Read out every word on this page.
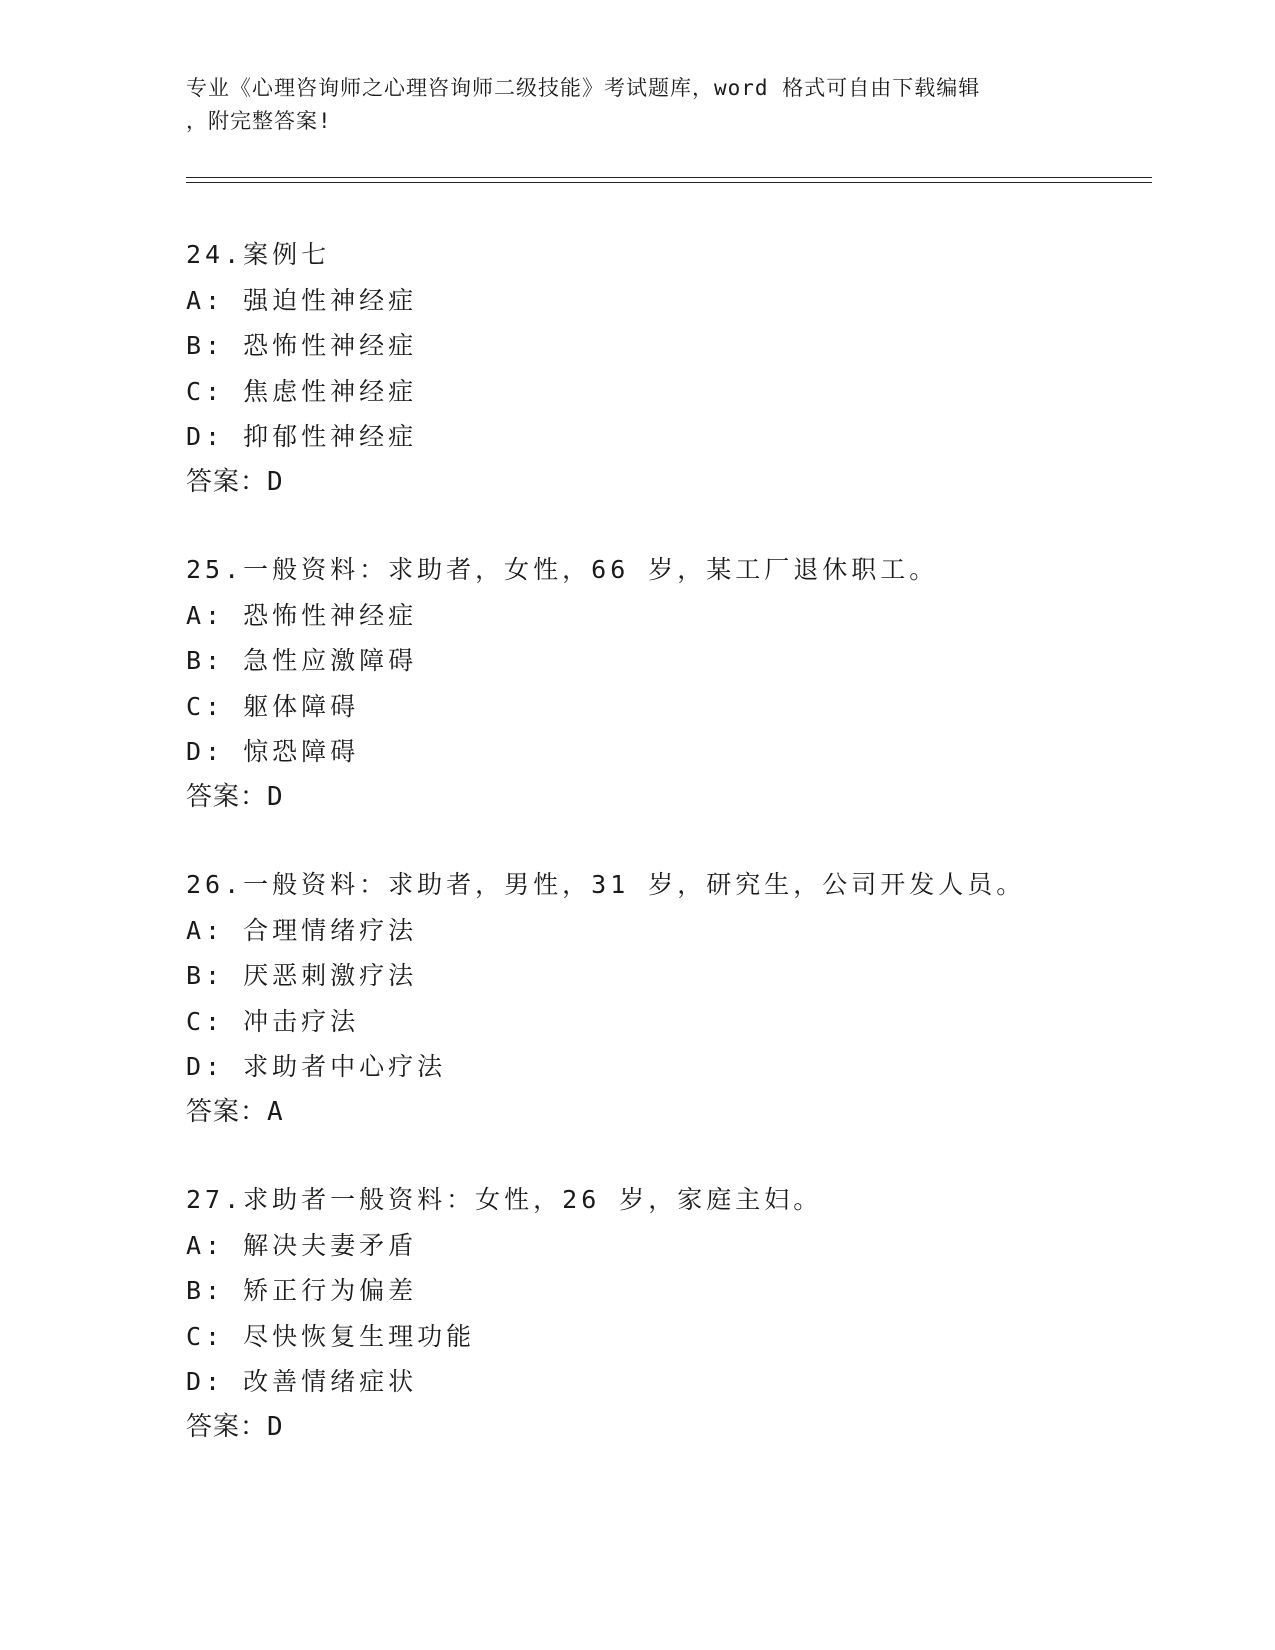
专业《心理咨询师之心理咨询师二级技能》考试题库，word 格式可自由下载编辑
，附完整答案!
24.案例七
A: 强迫性神经症
B: 恐怖性神经症
C: 焦虑性神经症
D: 抑郁性神经症
答案：D
25.一般资料：求助者，女性，66 岁，某工厂退休职工。
A: 恐怖性神经症
B: 急性应激障碍
C: 躯体障碍
D: 惊恐障碍
答案：D
26.一般资料：求助者，男性，31 岁，研究生，公司开发人员。
A: 合理情绪疗法
B: 厌恶刺激疗法
C: 冲击疗法
D: 求助者中心疗法
答案：A
27.求助者一般资料：女性，26 岁，家庭主妇。
A: 解决夫妻矛盾
B: 矫正行为偏差
C: 尽快恢复生理功能
D: 改善情绪症状
答案：D
